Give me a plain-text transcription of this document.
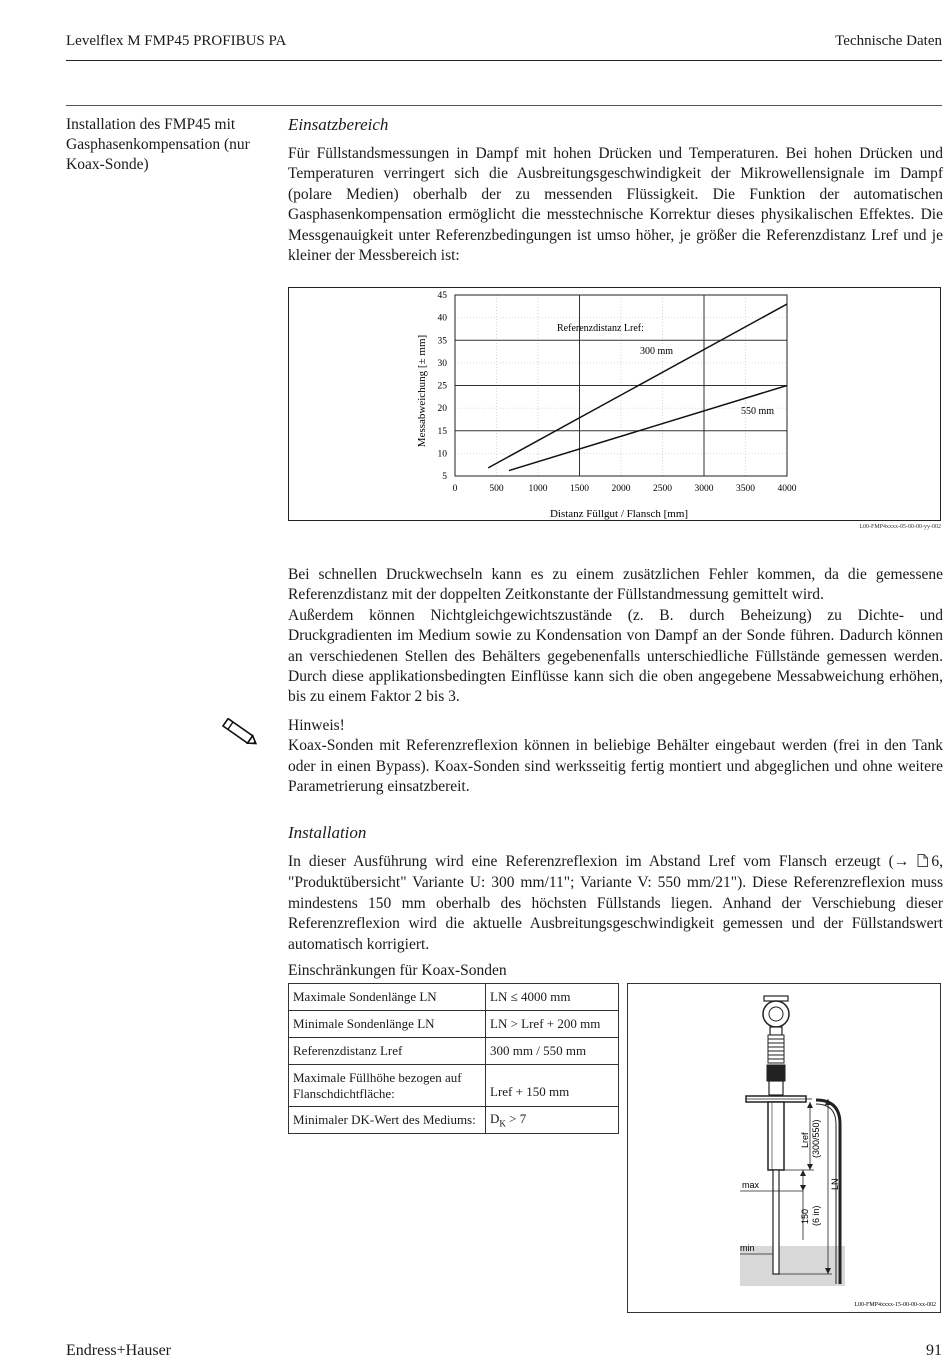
Levelflex M FMP45 PROFIBUS PA	Technische Daten
Installation des FMP45 mit Gasphasenkompensation (nur Koax-Sonde)
Einsatzbereich

Für Füllstandsmessungen in Dampf mit hohen Drücken und Temperaturen. Bei hohen Drücken und Temperaturen verringert sich die Ausbreitungsgeschwindigkeit der Mikrowellensignale im Dampf (polare Medien) oberhalb der zu messenden Flüssigkeit. Die Funktion der automatischen Gasphasenkompensation ermöglicht die messtechnische Korrektur dieses physikalischen Effektes. Die Messgenauigkeit unter Referenzbedingungen ist umso höher, je größer die Referenzdistanz Lref und je kleiner der Messbereich ist:

0	500	1000 1500 2000 2500 3000 3500 4000
5
10
15
20
25
30
35
40
45
Distanz Füllgut / Flansch [mm]
Messabweichung [± mm]
Referenzdistanz Lref:
300 mm
550 mm
L00-FMP4xxxx-05-00-00-yy-002

Bei schnellen Druckwechseln kann es zu einem zusätzlichen Fehler kommen, da die gemessene Referenzdistanz mit der doppelten Zeitkonstante der Füllstandmessung gemittelt wird.

Außerdem können Nichtgleichgewichtszustände (z. B. durch Beheizung) zu Dichte- und Druckgradienten im Medium sowie zu Kondensation von Dampf an der Sonde führen. Dadurch können an verschiedenen Stellen des Behälters gegebenenfalls unterschiedliche Füllstände gemessen werden. Durch diese applikationsbedingten Einflüsse kann sich die oben angegebene Messabweichung erhöhen, bis zu einem Faktor 2 bis 3.

Hinweis!

Koax-Sonden mit Referenzreflexion können in beliebige Behälter eingebaut werden (frei in den Tank oder in einen Bypass). Koax-Sonden sind werksseitig fertig montiert und abgeglichen und ohne weitere Parametrierung einsatzbereit.

Installation

In dieser Ausführung wird eine Referenzreflexion im Abstand Lref vom Flansch erzeugt (→ 6, "Produktübersicht" Variante U: 300 mm/11"; Variante V: 550 mm/21"). Diese Referenzreflexion muss mindestens 150 mm oberhalb des höchsten Füllstands liegen. Anhand der Verschiebung dieser Referenzreflexion wird die aktuelle Ausbreitungsgeschwindigkeit gemessen und der Füllstandswert automatisch korrigiert.

Einschränkungen für Koax-Sonden
Maximale Sondenlänge LN	LN ≤ 4000 mm
Minimale Sondenlänge LN	LN > Lref + 200 mm
Referenzdistanz Lref	300 mm / 550 mm
Maximale Füllhöhe bezogen auf Flanschdichtfläche:	Lref + 150 mm
Minimaler DK-Wert des Mediums:	$D_K > 7$
max
min
Lref (300/550)
LN
150 (6 in)
L00-FMP4xxxx-15-00-00-xx-002
Endress+Hauser	91
